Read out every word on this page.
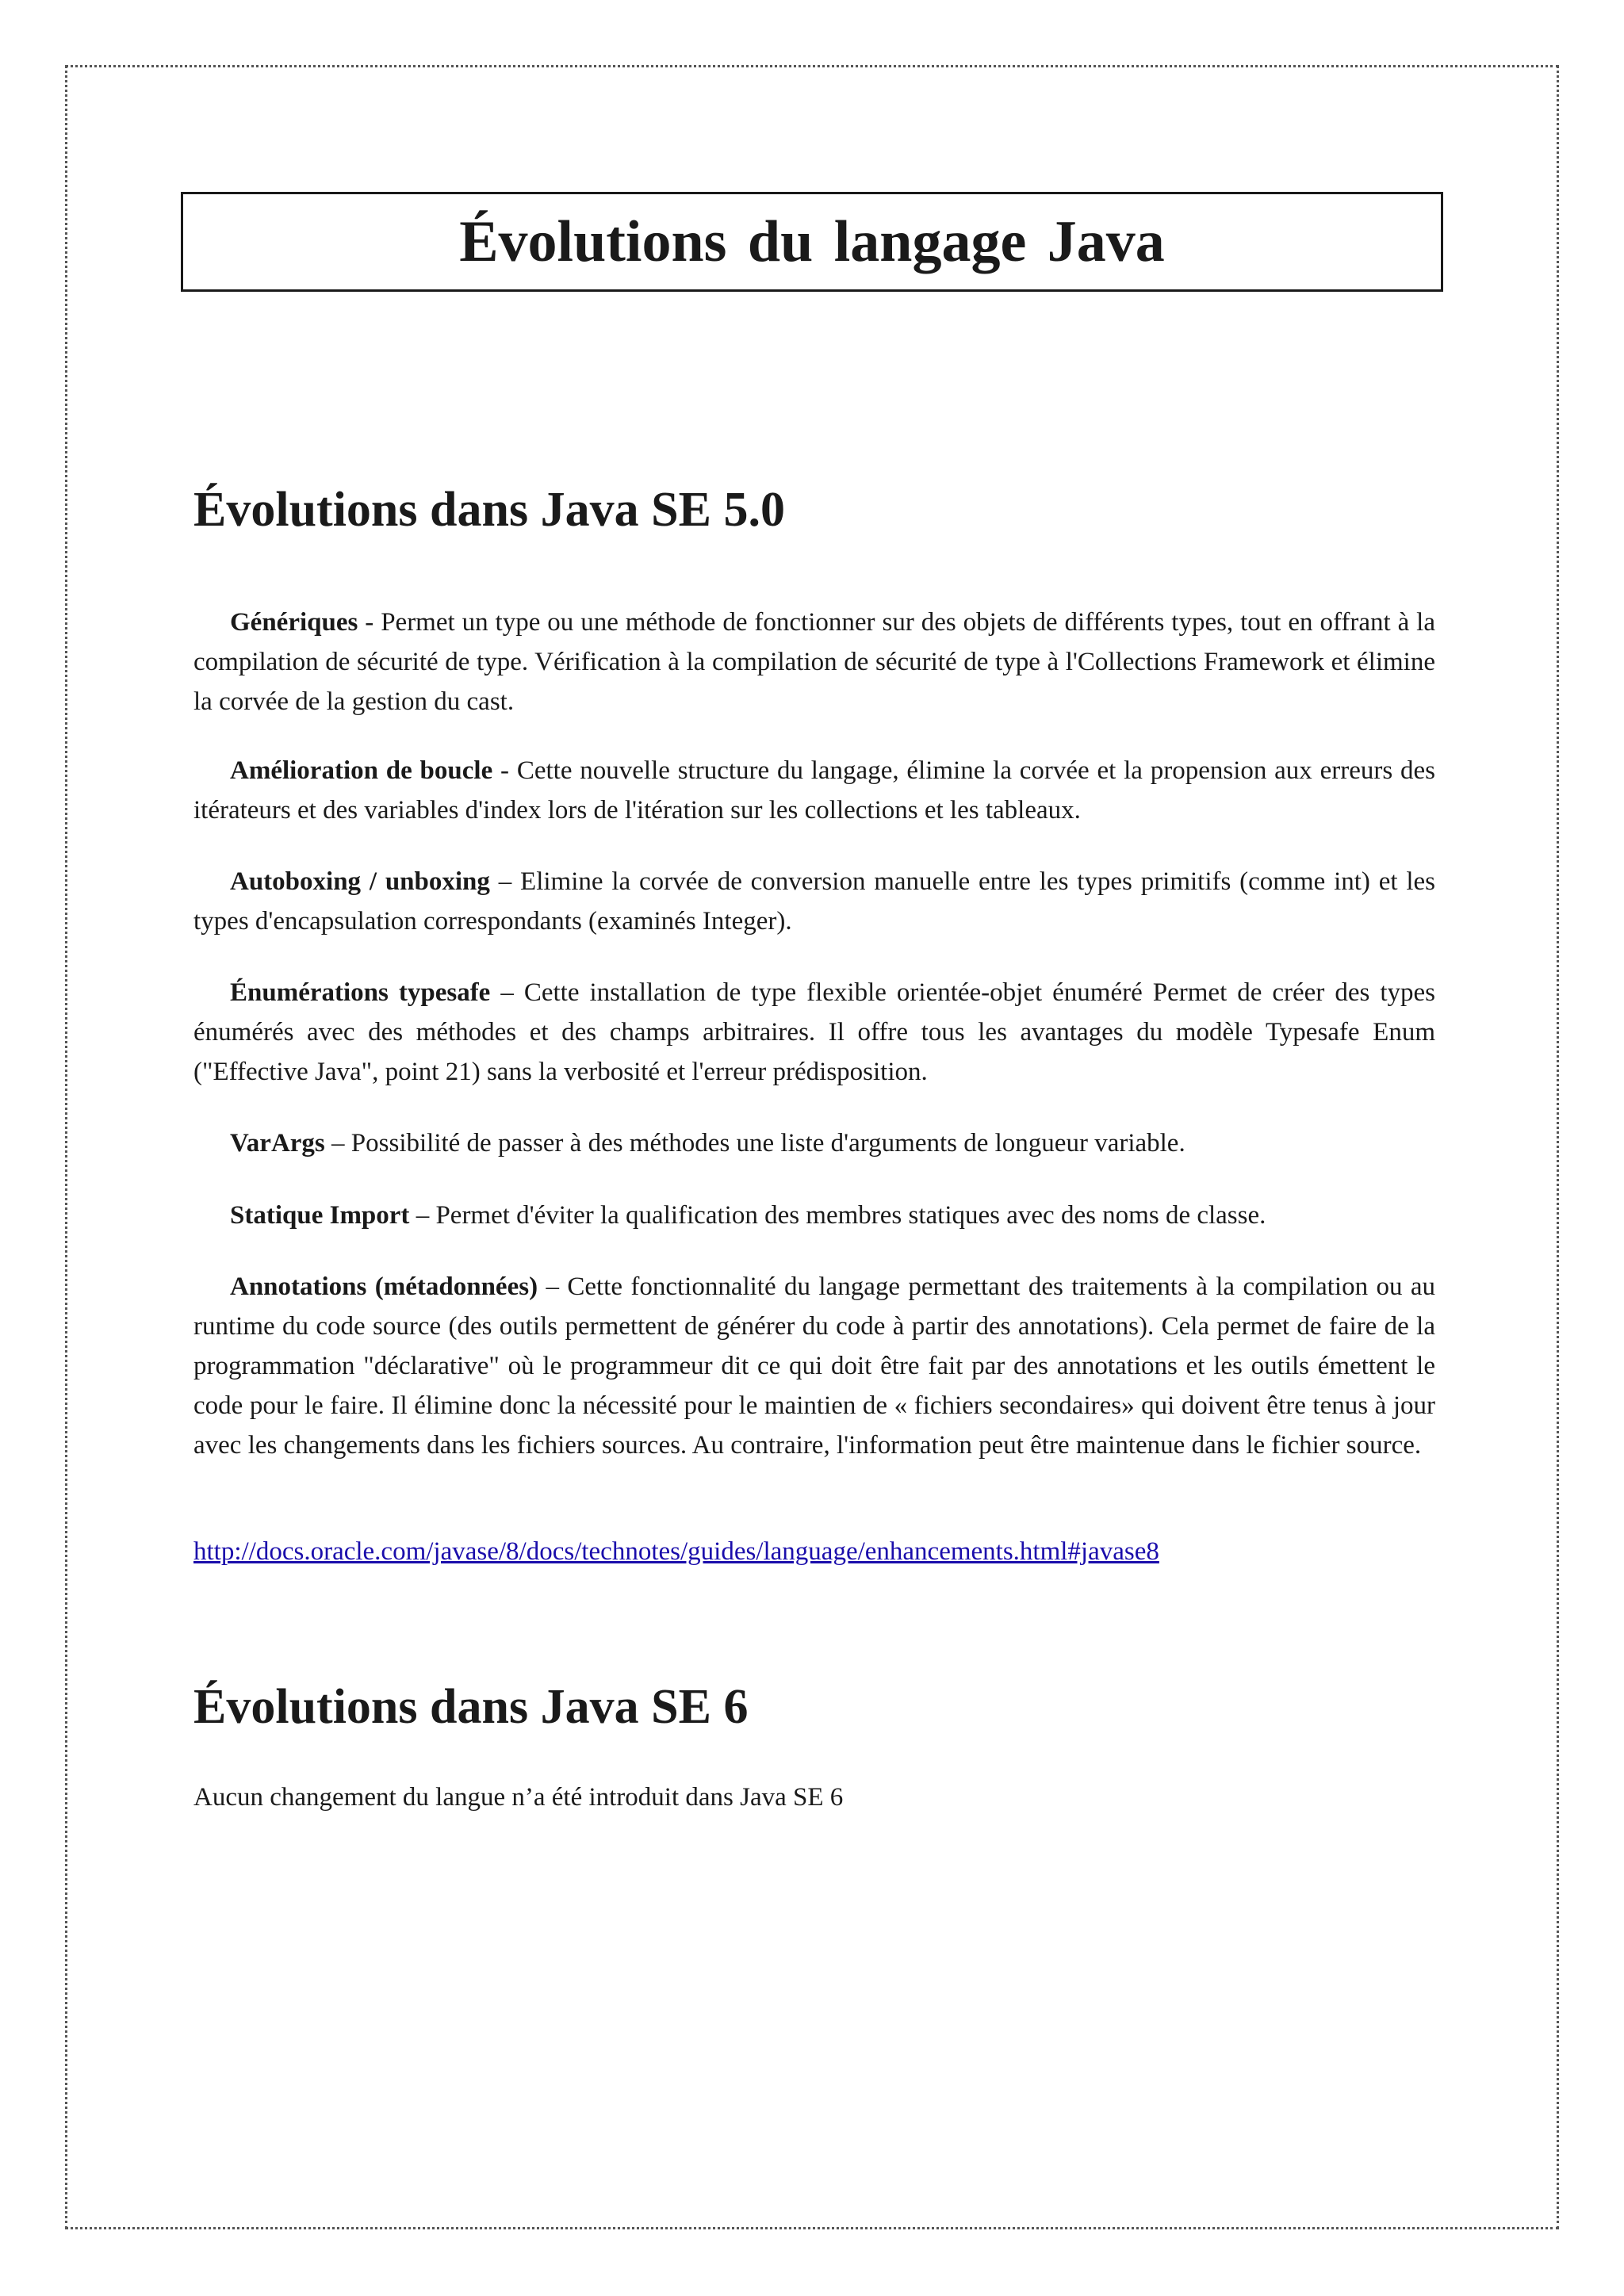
Évolutions du langage Java
Évolutions dans Java SE 5.0

Génériques - Permet un type ou une méthode de fonctionner sur des objets de différents types, tout en offrant à la compilation de sécurité de type. Vérification à la compilation de sécurité de type à l'Collections Framework et élimine la corvée de la gestion du cast.

Amélioration de boucle - Cette nouvelle structure du langage, élimine la corvée et la propension aux erreurs des itérateurs et des variables d'index lors de l'itération sur les collections et les tableaux.

Autoboxing / unboxing – Elimine la corvée de conversion manuelle entre les types primitifs (comme int) et les types d'encapsulation correspondants (examinés Integer).

Énumérations typesafe – Cette installation de type flexible orientée-objet énuméré Permet de créer des types énumérés avec des méthodes et des champs arbitraires. Il offre tous les avantages du modèle Typesafe Enum ("Effective Java", point 21) sans la verbosité et l'erreur prédisposition.

VarArgs – Possibilité de passer à des méthodes une liste d'arguments de longueur variable.

Statique Import – Permet d'éviter la qualification des membres statiques avec des noms de classe.

Annotations (métadonnées) – Cette fonctionnalité du langage permettant des traitements à la compilation ou au runtime du code source (des outils permettent de générer du code à partir des annotations). Cela permet de faire de la programmation "déclarative" où le programmeur dit ce qui doit être fait par des annotations et les outils émettent le code pour le faire. Il élimine donc la nécessité pour le maintien de « fichiers secondaires» qui doivent être tenus à jour avec les changements dans les fichiers sources. Au contraire, l'information peut être maintenue dans le fichier source.

http://docs.oracle.com/javase/8/docs/technotes/guides/language/enhancements.html#javase8
Évolutions dans Java SE 6

Aucun changement du langue n’a été introduit dans Java SE 6
